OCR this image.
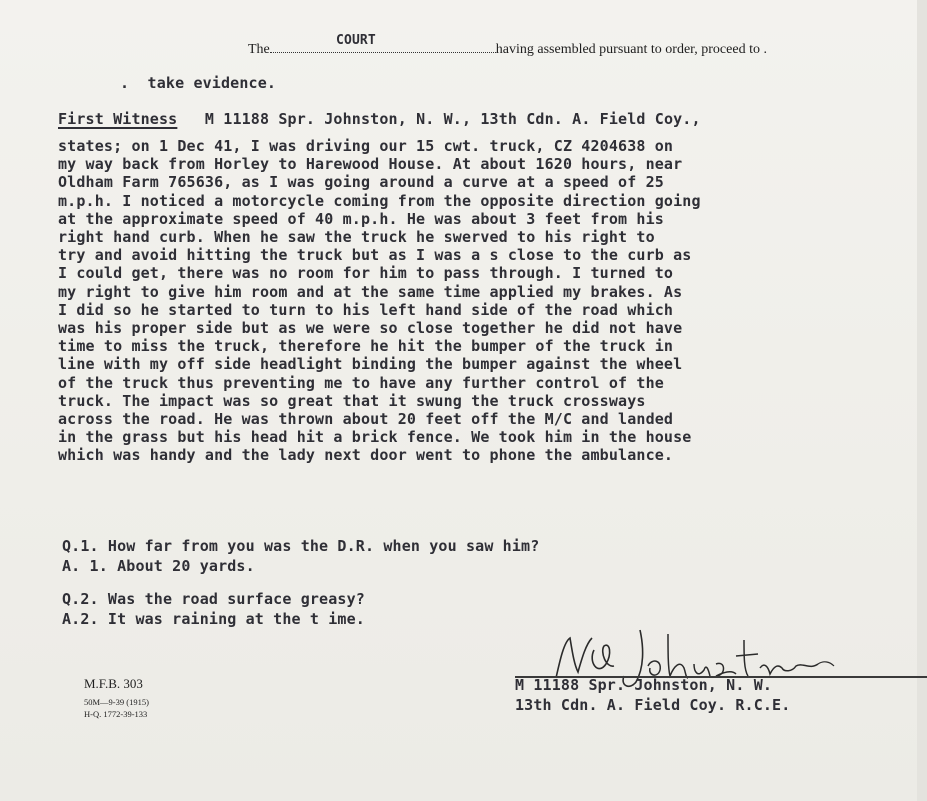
COURT
The	having assembled pursuant to order, proceed to .
.  take evidence.
First Witness M 11188 Spr. Johnston, N. W., 13th Cdn. A. Field Coy.,
states; on 1 Dec 41, I was driving our 15 cwt. truck, CZ 4204638 on
my way back from Horley to Harewood House. At about 1620 hours, near
Oldham Farm 765636, as I was going around a curve at a speed of 25
m.p.h. I noticed a motorcycle coming from the opposite direction going
at the approximate speed of 40 m.p.h. He was about 3 feet from his
right hand curb. When he saw the truck he swerved to his right to
try and avoid hitting the truck but as I was a s close to the curb as
I could get, there was no room for him to pass through. I turned to
my right to give him room and at the same time applied my brakes. As
I did so he started to turn to his left hand side of the road which
was his proper side but as we were so close together he did not have
time to miss the truck, therefore he hit the bumper of the truck in
line with my off side headlight binding the bumper against the wheel
of the truck thus preventing me to have any further control of the
truck. The impact was so great that it swung the truck crossways
across the road. He was thrown about 20 feet off the M/C and landed
in the grass but his head hit a brick fence. We took him in the house
which was handy and the lady next door went to phone the ambulance.
Q.1. How far from you was the D.R. when you saw him?
A. 1. About 20 yards.
Q.2. Was the road surface greasy?
A.2. It was raining at the t ime.
M 11188 Spr. Johnston, N. W.
13th Cdn. A. Field Coy. R.C.E.
M.F.B. 303
50M—9-39 (1915)
H-Q. 1772-39-133
